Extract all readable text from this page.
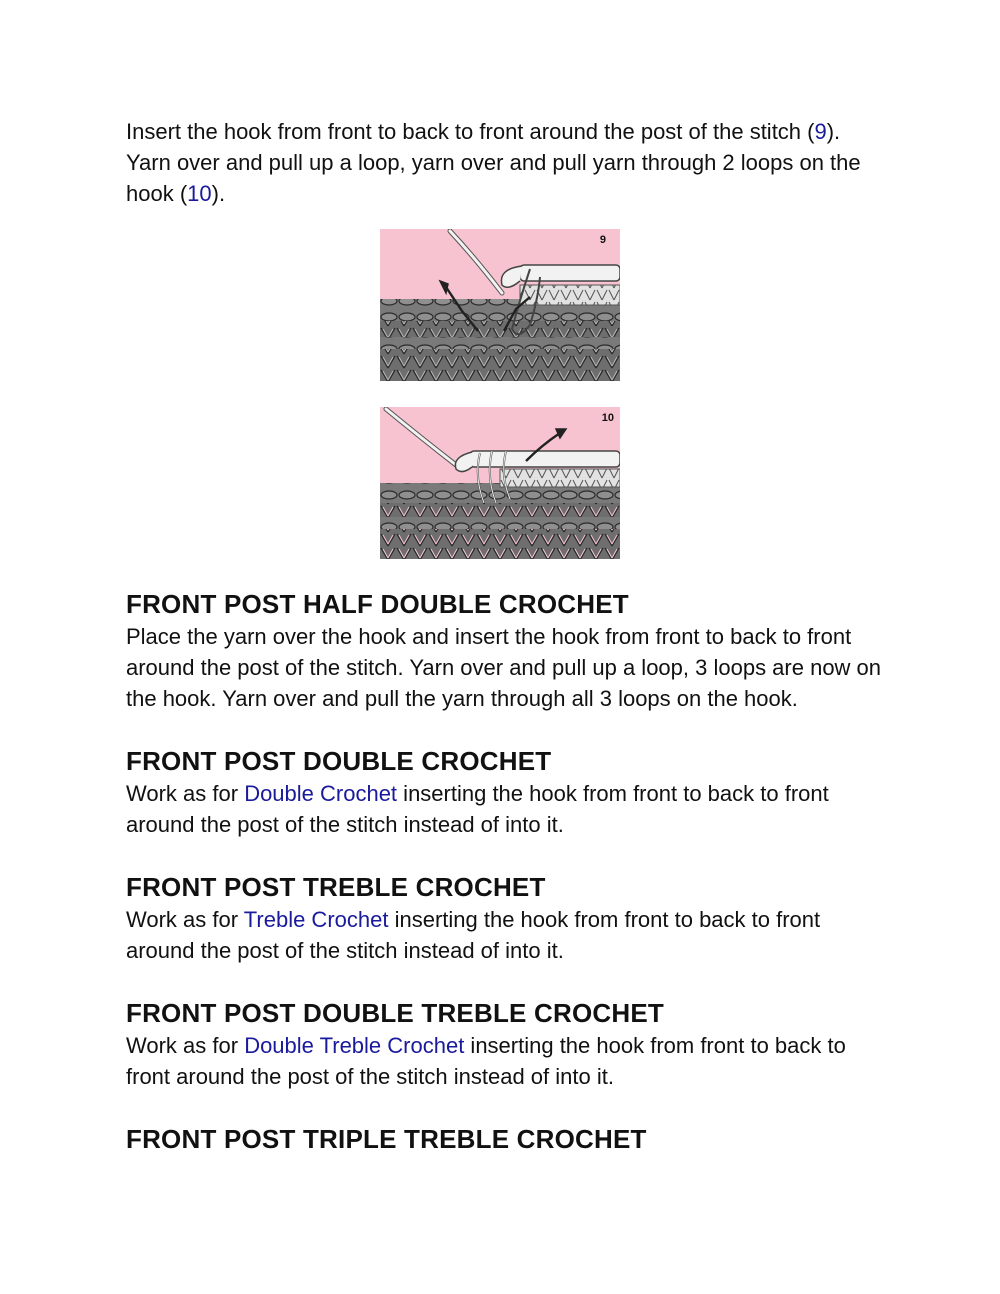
Insert the hook from front to back to front around the post of the stitch (9). Yarn over and pull up a loop, yarn over and pull yarn through 2 loops on the hook (10).

9
10
FRONT POST HALF DOUBLE CROCHET

Place the yarn over the hook and insert the hook from front to back to front around the post of the stitch. Yarn over and pull up a loop, 3 loops are now on the hook. Yarn over and pull the yarn through all 3 loops on the hook.

FRONT POST DOUBLE CROCHET

Work as for Double Crochet inserting the hook from front to back to front around the post of the stitch instead of into it.

FRONT POST TREBLE CROCHET

Work as for Treble Crochet inserting the hook from front to back to front around the post of the stitch instead of into it.

FRONT POST DOUBLE TREBLE CROCHET

Work as for Double Treble Crochet inserting the hook from front to back to front around the post of the stitch instead of into it.

FRONT POST TRIPLE TREBLE CROCHET
